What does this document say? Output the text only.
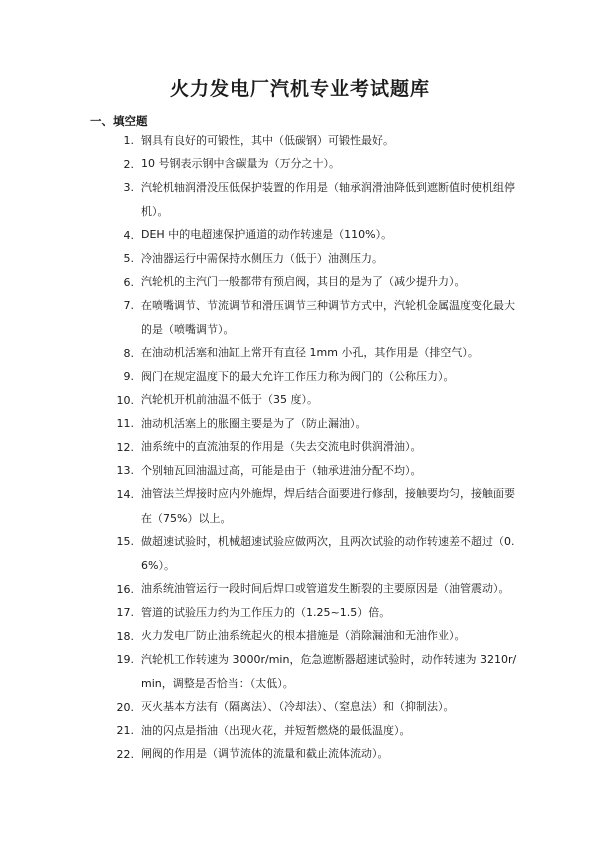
火力发电厂汽机专业考试题库
一、填空题
1. 钢具有良好的可锻性，其中（低碳钢）可锻性最好。
2. 10 号钢表示钢中含碳量为（万分之十）。
3. 汽轮机轴润滑没压低保护装置的作用是（轴承润滑油降低到遮断值时使机组停机）。
4. DEH 中的电超速保护通道的动作转速是（110%）。
5. 冷油器运行中需保持水侧压力（低于）油测压力。
6. 汽轮机的主汽门一般都带有预启阀，其目的是为了（减少提升力）。
7. 在喷嘴调节、节流调节和滑压调节三种调节方式中，汽轮机金属温度变化最大的是（喷嘴调节）。
8. 在油动机活塞和油缸上常开有直径 1mm 小孔，其作用是（排空气）。
9. 阀门在规定温度下的最大允许工作压力称为阀门的（公称压力）。
10. 汽轮机开机前油温不低于（35 度）。
11. 油动机活塞上的胀圈主要是为了（防止漏油）。
12. 油系统中的直流油泵的作用是（失去交流电时供润滑油）。
13. 个别轴瓦回油温过高，可能是由于（轴承进油分配不均）。
14. 油管法兰焊接时应内外施焊，焊后结合面要进行修刮，接触要均匀，接触面要在（75%）以上。
15. 做超速试验时，机械超速试验应做两次，且两次试验的动作转速差不超过（0.6%）。
16. 油系统油管运行一段时间后焊口或管道发生断裂的主要原因是（油管震动）。
17. 管道的试验压力约为工作压力的（1.25~1.5）倍。
18. 火力发电厂防止油系统起火的根本措施是（消除漏油和无油作业）。
19. 汽轮机工作转速为 3000r/min，危急遮断器超速试验时，动作转速为 3210r/min，调整是否恰当：（太低）。
20. 灭火基本方法有（隔离法）、（冷却法）、（窒息法）和（抑制法）。
21. 油的闪点是指油（出现火花，并短暂燃烧的最低温度）。
22. 闸阀的作用是（调节流体的流量和截止流体流动）。
